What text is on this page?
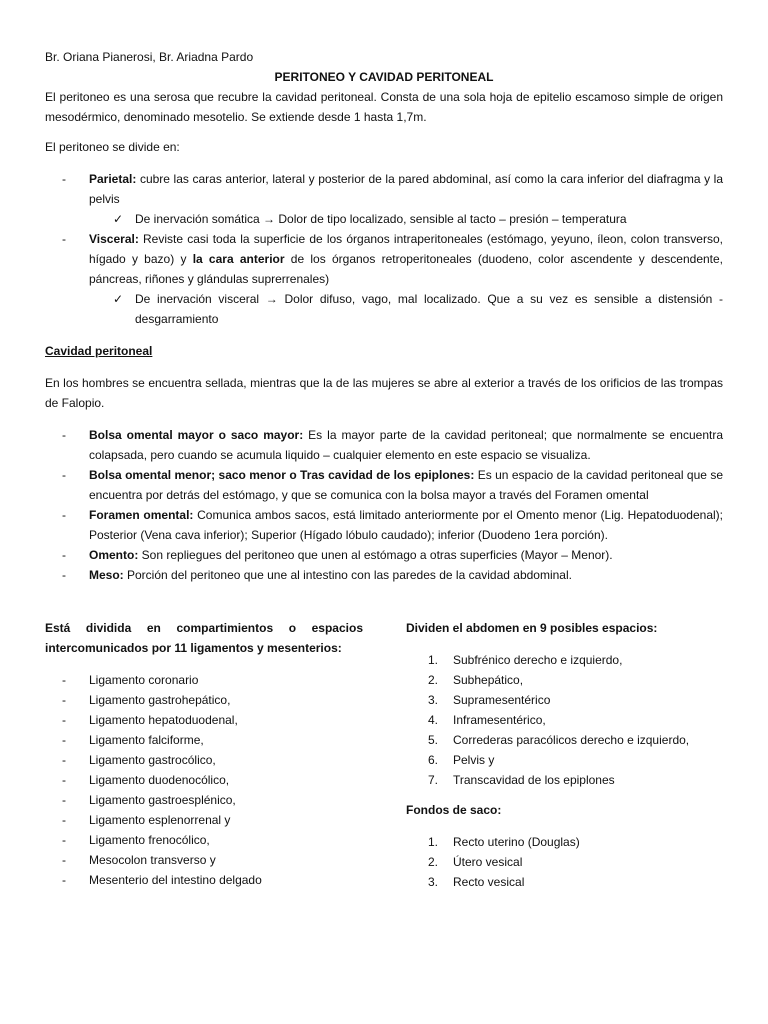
Br. Oriana Pianerosi, Br. Ariadna Pardo

PERITONEO Y CAVIDAD PERITONEAL

El peritoneo es una serosa que recubre la cavidad peritoneal. Consta de una sola hoja de epitelio escamoso simple de origen mesodérmico, denominado mesotelio. Se extiende desde 1 hasta 1,7m.

El peritoneo se divide en:

- Parietal: cubre las caras anterior, lateral y posterior de la pared abdominal, así como la cara inferior del diafragma y la pelvis
✓ De inervación somática → Dolor de tipo localizado, sensible al tacto – presión – temperatura
- Visceral: Reviste casi toda la superficie de los órganos intraperitoneales (estómago, yeyuno, íleon, colon transverso, hígado y bazo) y la cara anterior de los órganos retroperitoneales (duodeno, color ascendente y descendente, páncreas, riñones y glándulas suprerrenales)
✓ De inervación visceral → Dolor difuso, vago, mal localizado. Que a su vez es sensible a distensión - desgarramiento

Cavidad peritoneal

En los hombres se encuentra sellada, mientras que la de las mujeres se abre al exterior a través de los orificios de las trompas de Falopio.

- Bolsa omental mayor o saco mayor: Es la mayor parte de la cavidad peritoneal; que normalmente se encuentra colapsada, pero cuando se acumula liquido – cualquier elemento en este espacio se visualiza.
- Bolsa omental menor; saco menor o Tras cavidad de los epiplones: Es un espacio de la cavidad peritoneal que se encuentra por detrás del estómago, y que se comunica con la bolsa mayor a través del Foramen omental
- Foramen omental: Comunica ambos sacos, está limitado anteriormente por el Omento menor (Lig. Hepatoduodenal); Posterior (Vena cava inferior); Superior (Hígado lóbulo caudado); inferior (Duodeno 1era porción).
- Omento: Son repliegues del peritoneo que unen al estómago a otras superficies (Mayor – Menor).
- Meso: Porción del peritoneo que une al intestino con las paredes de la cavidad abdominal.

Está dividida en compartimientos o espacios intercomunicados por 11 ligamentos y mesenterios:

- Ligamento coronario
- Ligamento gastrohepático,
- Ligamento hepatoduodenal,
- Ligamento falciforme,
- Ligamento gastrocólico,
- Ligamento duodenocólico,
- Ligamento gastroesplénico,
- Ligamento esplenorrenal y
- Ligamento frenocólico,
- Mesocolon transverso y
- Mesenterio del intestino delgado

Dividen el abdomen en 9 posibles espacios:

1. Subfrénico derecho e izquierdo,
2. Subhepático,
3. Supramesentérico
4. Inframesentérico,
5. Correderas paracólicos derecho e izquierdo,
6. Pelvis y
7. Transcavidad de los epiplones

Fondos de saco:

1. Recto uterino (Douglas)
2. Útero vesical
3. Recto vesical
